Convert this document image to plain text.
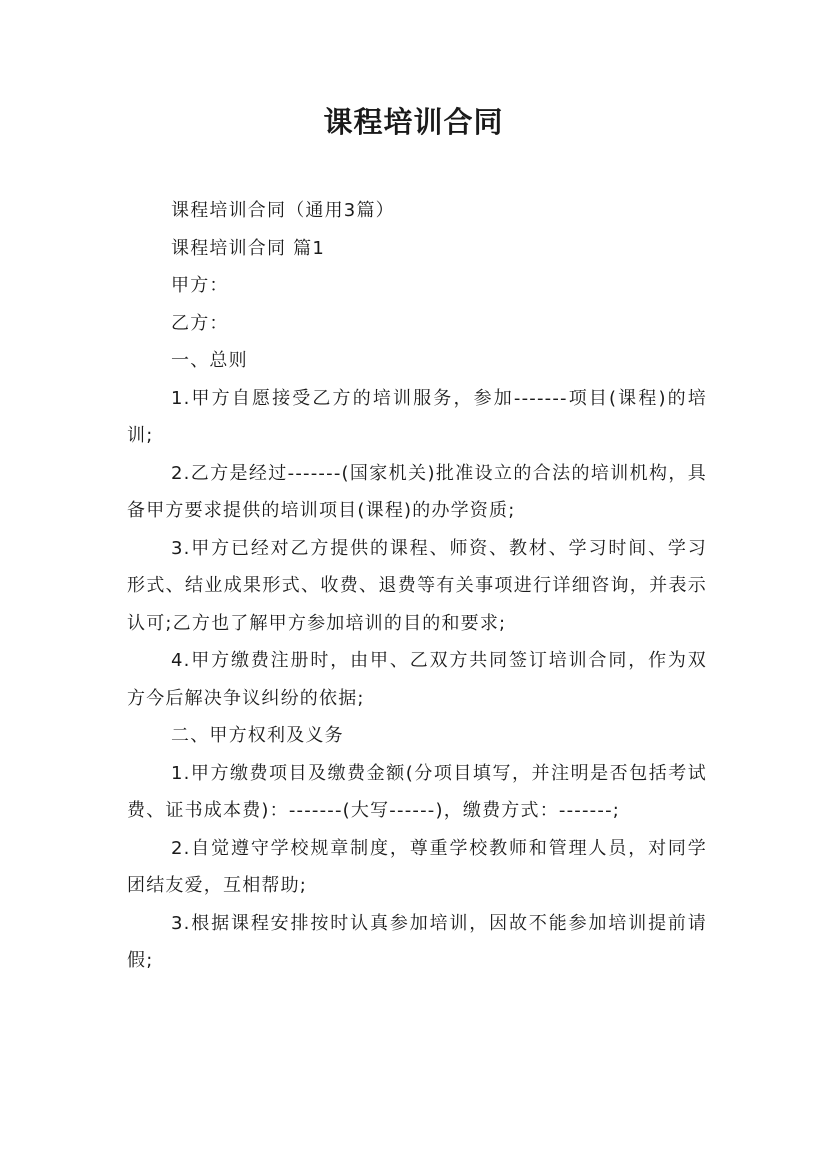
课程培训合同

课程培训合同（通用3篇）

课程培训合同 篇1

甲方：

乙方：

一、总则

1.甲方自愿接受乙方的培训服务，参加-------项目(课程)的培训;

2.乙方是经过-------(国家机关)批准设立的合法的培训机构，具备甲方要求提供的培训项目(课程)的办学资质;

3.甲方已经对乙方提供的课程、师资、教材、学习时间、学习形式、结业成果形式、收费、退费等有关事项进行详细咨询，并表示认可;乙方也了解甲方参加培训的目的和要求;

4.甲方缴费注册时，由甲、乙双方共同签订培训合同，作为双方今后解决争议纠纷的依据;

二、甲方权利及义务

1.甲方缴费项目及缴费金额(分项目填写，并注明是否包括考试费、证书成本费)：-------(大写------)，缴费方式：-------;

2.自觉遵守学校规章制度，尊重学校教师和管理人员，对同学团结友爱，互相帮助;

3.根据课程安排按时认真参加培训，因故不能参加培训提前请假;
